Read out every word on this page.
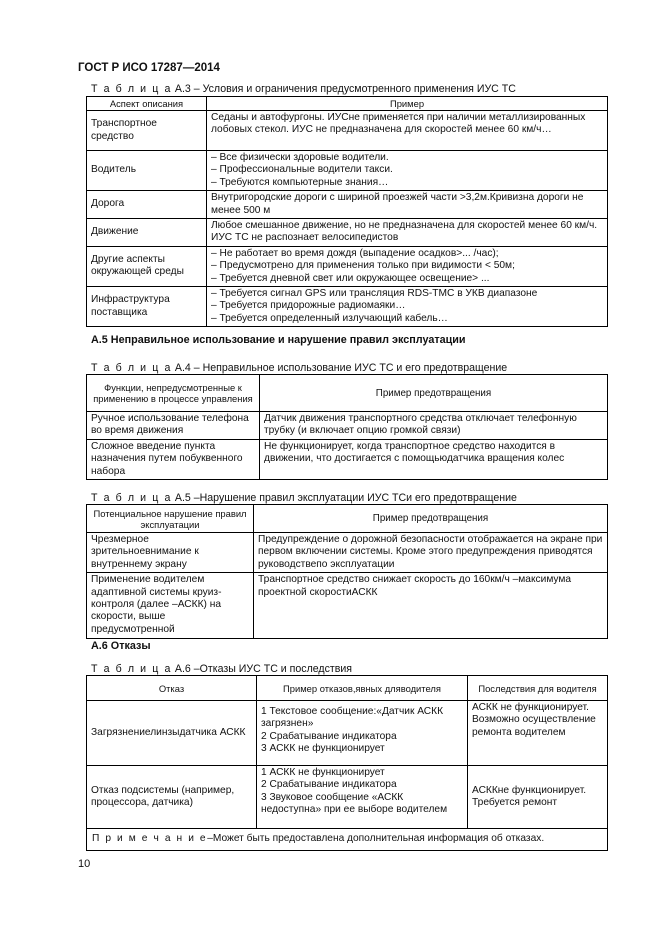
ГОСТ Р ИСО 17287—2014
Т а б л и ц а А.3 – Условия и ограничения предусмотренного применения ИУС ТС
Аспект описания	Пример
Транспортное средство	Седаны и автофургоны. ИУСне применяется при наличии металлизированных лобовых стекол. ИУС не предназначена для скоростей менее 60 км/ч…

Водитель	– Все физически здоровые водители.
– Профессиональные водители такси.
– Требуются компьютерные знания…

Дорога	Внутригородские дороги с шириной проезжей части >3,2м.Кривизна дороги не менее 500 м

Движение	Любое смешанное движение, но не предназначена для скоростей менее 60 км/ч. ИУС ТС не распознает велосипедистов

Другие аспекты окружающей среды	– Не работает во время дождя (выпадение осадков>... /час);
– Предусмотрено для применения только при видимости < 50м;
– Требуется дневной свет или окружающее освещение> ...

Инфраструктура поставщика	– Требуется сигнал GPS или трансляция RDS-TMC в УКВ диапазоне
– Требуется придорожные радиомаяки…
– Требуется определенный излучающий кабель…
А.5 Неправильное использование и нарушение правил эксплуатации
Т а б л и ц а А.4 – Неправильное использование ИУС ТС и его предотвращение
Функции, непредусмотренные к применению в процессе управления	Пример предотвращения
Ручное использование телефона во время движения	Датчик движения транспортного средства отключает телефонную трубку (и включает опцию громкой связи)
Сложное введение пункта назначения путем побуквенного набора	Не функционирует, когда транспортное средство находится в движении, что достигается с помощьюдатчика вращения колес
Т а б л и ц а А.5 –Нарушение правил эксплуатации ИУС ТСи его предотвращение
Потенциальное нарушение правил эксплуатации	Пример предотвращения
Чрезмерное зрительноевнимание к внутреннему экрану	Предупреждение о дорожной безопасности отображается на экране при первом включении системы. Кроме этого предупреждения приводятся руководствепо эксплуатации
Применение водителем адаптивной системы круиз-контроля (далее –АСКК) на скорости, выше предусмотренной	Транспортное средство снижает скорость до 160км/ч –максимума проектной скоростиАСКК
А.6 Отказы
Т а б л и ц а А.6 –Отказы ИУС ТС и последствия
Отказ	Пример отказов,явных дляводителя	Последствия для водителя
Загрязнениелинзыдатчика АСКК	1 Текстовое сообщение:«Датчик АСКК загрязнен»
2 Срабатывание индикатора
3 АСКК не функционирует	АСКК не функционирует. Возможно осуществление ремонта водителем
Отказ подсистемы (например, процессора, датчика)	1 АСКК не функционирует
2 Срабатывание индикатора
3 Звуковое сообщение «АСКК недоступна» при ее выборе водителем	АСККне функционирует. Требуется ремонт
П р и м е ч а н и е–Может быть предоставлена дополнительная информация об отказах.		
10
